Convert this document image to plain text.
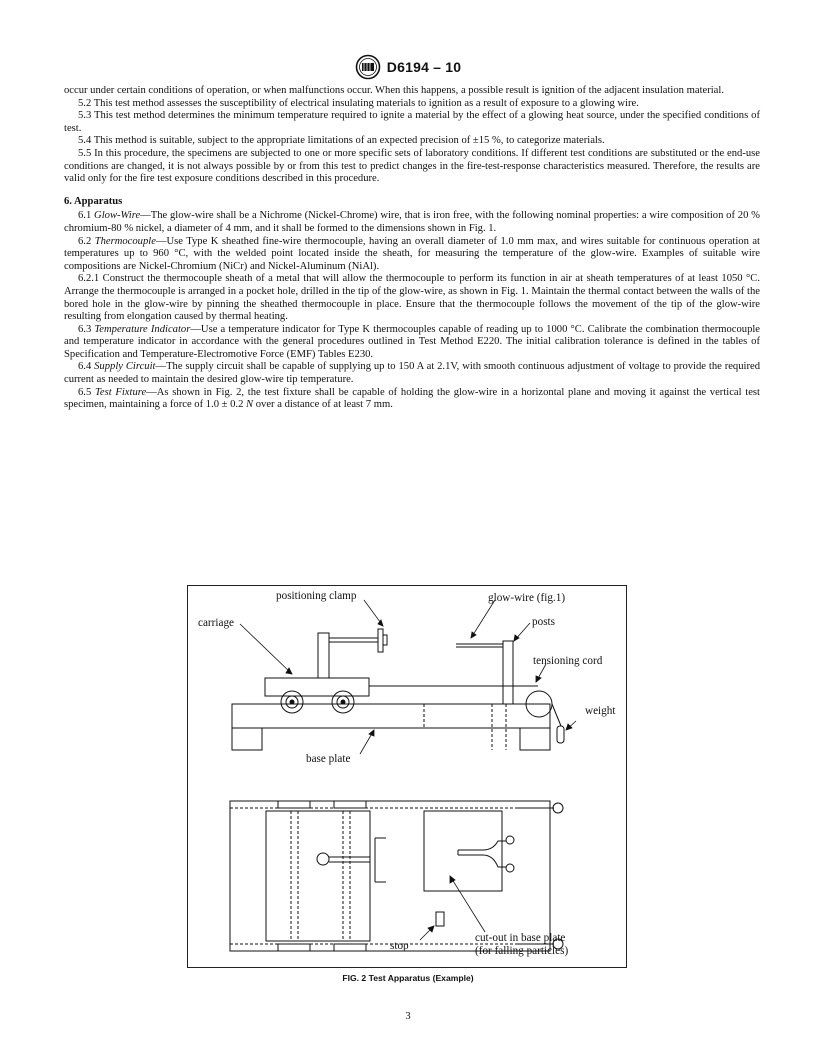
D6194 – 10

occur under certain conditions of operation, or when malfunctions occur. When this happens, a possible result is ignition of the adjacent insulation material.

5.2 This test method assesses the susceptibility of electrical insulating materials to ignition as a result of exposure to a glowing wire.

5.3 This test method determines the minimum temperature required to ignite a material by the effect of a glowing heat source, under the specified conditions of test.

5.4 This method is suitable, subject to the appropriate limitations of an expected precision of ±15 %, to categorize materials.

5.5 In this procedure, the specimens are subjected to one or more specific sets of laboratory conditions. If different test conditions are substituted or the end-use conditions are changed, it is not always possible by or from this test to predict changes in the fire-test-response characteristics measured. Therefore, the results are valid only for the fire test exposure conditions described in this procedure.

6. Apparatus

6.1 Glow-Wire—The glow-wire shall be a Nichrome (Nickel-Chrome) wire, that is iron free, with the following nominal properties: a wire composition of 20 % chromium-80 % nickel, a diameter of 4 mm, and it shall be formed to the dimensions shown in Fig. 1.

6.2 Thermocouple—Use Type K sheathed fine-wire thermocouple, having an overall diameter of 1.0 mm max, and wires suitable for continuous operation at temperatures up to 960 °C, with the welded point located inside the sheath, for measuring the temperature of the glow-wire. Examples of suitable wire compositions are Nickel-Chromium (NiCr) and Nickel-Aluminum (NiAl).

6.2.1 Construct the thermocouple sheath of a metal that will allow the thermocouple to perform its function in air at sheath temperatures of at least 1050 °C. Arrange the thermocouple is arranged in a pocket hole, drilled in the tip of the glow-wire, as shown in Fig. 1. Maintain the thermal contact between the walls of the bored hole in the glow-wire by pinning the sheathed thermocouple in place. Ensure that the thermocouple follows the movement of the tip of the glow-wire resulting from elongation caused by thermal heating.

6.3 Temperature Indicator—Use a temperature indicator for Type K thermocouples capable of reading up to 1000 °C. Calibrate the combination thermocouple and temperature indicator in accordance with the general procedures outlined in Test Method E220. The initial calibration tolerance is defined in the tables of Specification and Temperature-Electromotive Force (EMF) Tables E230.

6.4 Supply Circuit—The supply circuit shall be capable of supplying up to 150 A at 2.1V, with smooth continuous adjustment of voltage to provide the required current as needed to maintain the desired glow-wire tip temperature.

6.5 Test Fixture—As shown in Fig. 2, the test fixture shall be capable of holding the glow-wire in a horizontal plane and moving it against the vertical test specimen, maintaining a force of 1.0 ± 0.2 N over a distance of at least 7 mm.

positioning clamp	glow-wire (fig.1)
carriage	posts
tensioning cord
weight
base plate
stop
cut-out in base plate
(for falling particles)
FIG. 2 Test Apparatus (Example)
3
